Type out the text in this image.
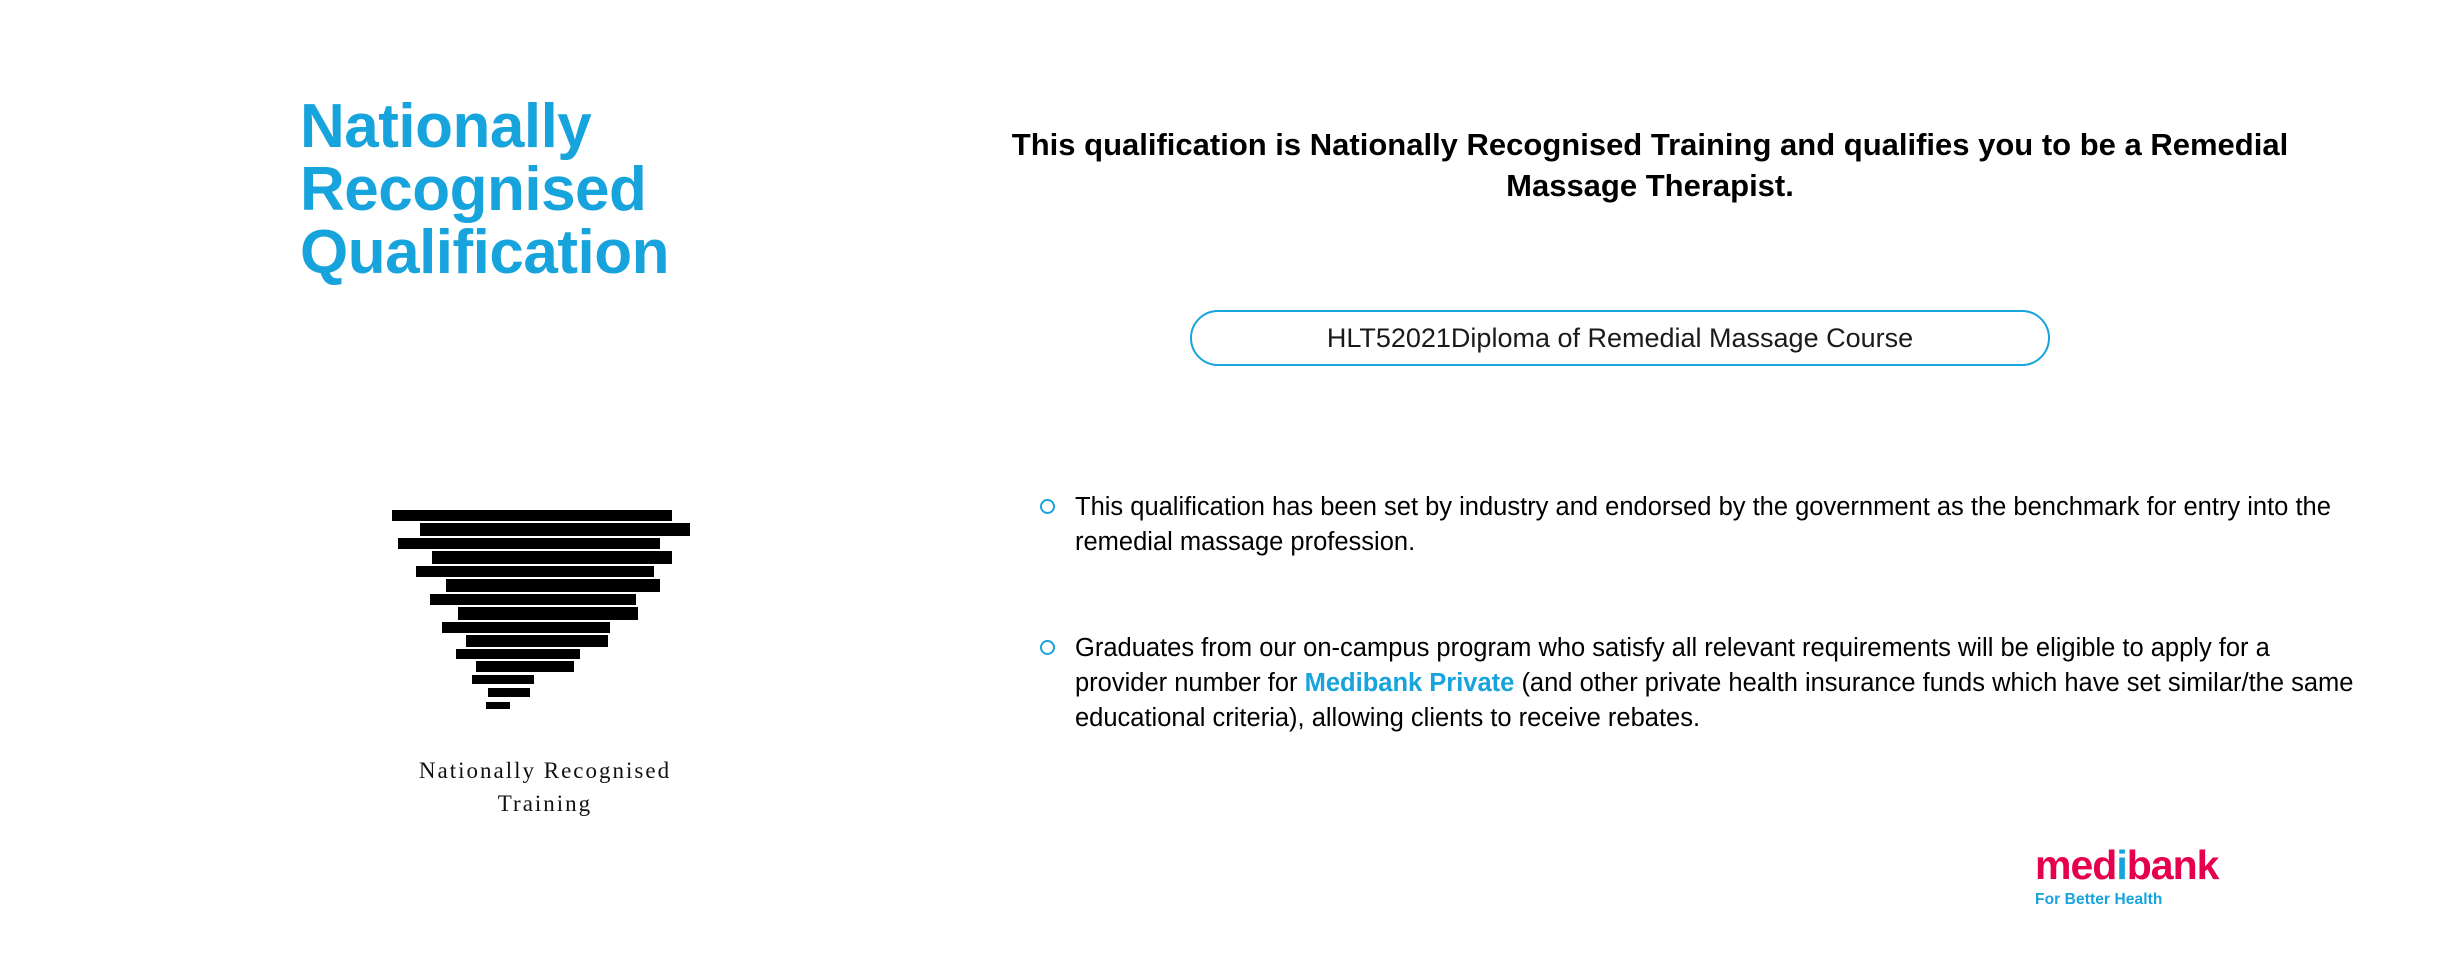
Nationally
Recognised
Qualification
Nationally Recognised
Training
This qualification is Nationally Recognised Training and qualifies you to be a Remedial Massage Therapist.
HLT52021Diploma of Remedial Massage Course
This qualification has been set by industry and endorsed by the government as the benchmark for entry into the remedial massage profession.
Graduates from our on-campus program who satisfy all relevant requirements will be eligible to apply for a provider number for Medibank Private (and other private health insurance funds which have set similar/the same educational criteria), allowing clients to receive rebates.
medibank
For Better Health
